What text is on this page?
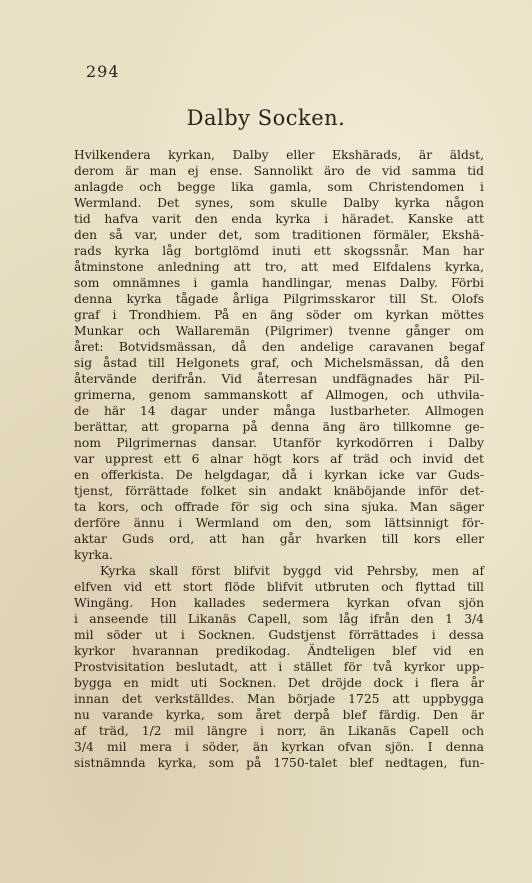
294
Dalby Socken.
Hvilkendera kyrkan, Dalby eller Ekshärads, är äldst,
derom är man ej ense. Sannolikt äro de vid samma tid
anlagde och begge lika gamla, som Christendomen i
Wermland. Det synes, som skulle Dalby kyrka någon
tid hafva varit den enda kyrka i häradet. Kanske att
den så var, under det, som traditionen förmäler, Ekshä-
rads kyrka låg bortglömd inuti ett skogssnår. Man har
åtminstone anledning att tro, att med Elfdalens kyrka,
som omnämnes i gamla handlingar, menas Dalby. Förbi
denna kyrka tågade årliga Pilgrimsskaror till St. Olofs
graf i Trondhiem. På en äng söder om kyrkan möttes
Munkar och Wallaremän (Pilgrimer) tvenne gånger om
året: Botvidsmässan, då den andelige caravanen begaf
sig åstad till Helgonets graf, och Michelsmässan, då den
återvände derifrån. Vid återresan undfägnades här Pil-
grimerna, genom sammanskott af Allmogen, och uthvila-
de här 14 dagar under många lustbarheter. Allmogen
berättar, att groparna på denna äng äro tillkomne ge-
nom Pilgrimernas dansar. Utanför kyrkodörren i Dalby
var upprest ett 6 alnar högt kors af träd och invid det
en offerkista. De helgdagar, då i kyrkan icke var Guds-
tjenst, förrättade folket sin andakt knäböjande inför det-
ta kors, och offrade för sig och sina sjuka. Man säger
derföre ännu i Wermland om den, som lättsinnigt för-
aktar Guds ord, att han går hvarken till kors eller
kyrka.
Kyrka skall först blifvit byggd vid Pehrsby, men af
elfven vid ett stort flöde blifvit utbruten och flyttad till
Wingäng. Hon kallades sedermera kyrkan ofvan sjön
i anseende till Likanäs Capell, som låg ifrån den 1 3/4
mil söder ut i Socknen. Gudstjenst förrättades i dessa
kyrkor hvarannan predikodag. Ändteligen blef vid en
Prostvisitation beslutadt, att i stället för två kyrkor upp-
bygga en midt uti Socknen. Det dröjde dock i flera år
innan det verkställdes. Man började 1725 att uppbygga
nu varande kyrka, som året derpå blef färdig. Den är
af träd, 1/2 mil längre i norr, än Likanäs Capell och
3/4 mil mera i söder, än kyrkan ofvan sjön. I denna
sistnämnda kyrka, som på 1750-talet blef nedtagen, fun-
